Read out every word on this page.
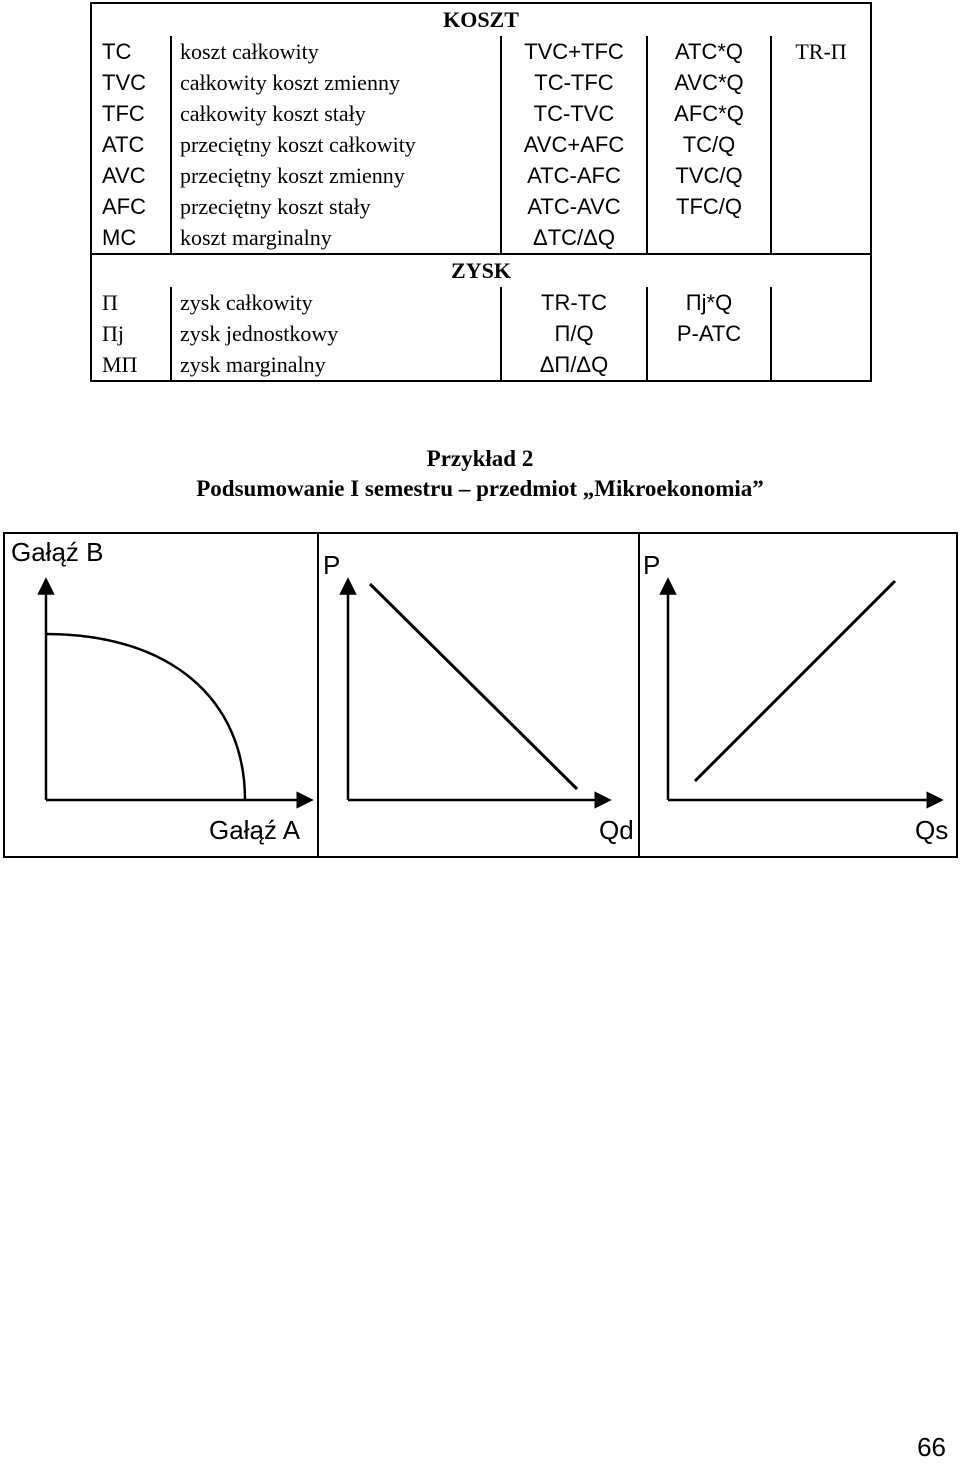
KOSZT				
TC	koszt całkowity	TVC+TFC	ATC*Q	TR-Π
TVC	całkowity koszt zmienny	TC-TFC	AVC*Q	
TFC	całkowity koszt stały	TC-TVC	AFC*Q	
ATC	przeciętny koszt całkowity	AVC+AFC	TC/Q	
AVC	przeciętny koszt zmienny	ATC-AFC	TVC/Q	
AFC	przeciętny koszt stały	ATC-AVC	TFC/Q	
MC	koszt marginalny	ΔTC/ΔQ		
ZYSK				
Π	zysk całkowity	TR-TC	Πj*Q	
Πj	zysk jednostkowy	Π/Q	P-ATC	
MΠ	zysk marginalny	ΔΠ/ΔQ		
Przykład 2
Podsumowanie I semestru – przedmiot „Mikroekonomia”
Gałąź B
Gałąź A
P
Qd
P
Qs
66
